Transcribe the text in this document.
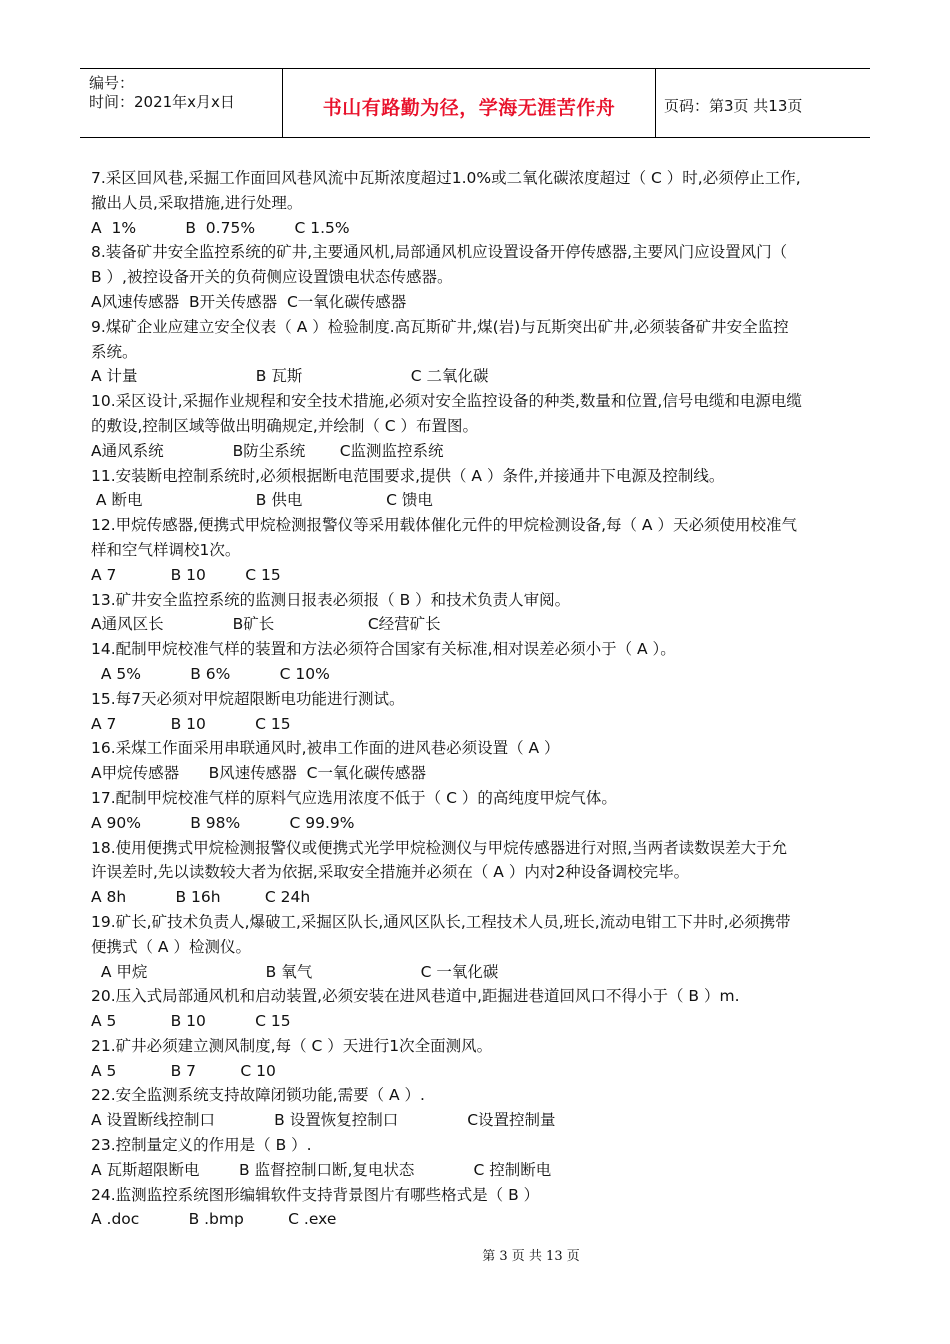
编号：
时间：2021年x月x日	书山有路勤为径，学海无涯苦作舟	页码：第3页 共13页
7.采区回风巷,采掘工作面回风巷风流中瓦斯浓度超过1.0%或二氧化碳浓度超过（ C ）时,必须停止工作,
撤出人员,采取措施,进行处理。
A  1%          B  0.75%        C 1.5%
8.装备矿井安全监控系统的矿井,主要通风机,局部通风机应设置设备开停传感器,主要风门应设置风门（
B ）,被控设备开关的负荷侧应设置馈电状态传感器。
A风速传感器  B开关传感器  C一氧化碳传感器
9.煤矿企业应建立安全仪表（ A ）检验制度.高瓦斯矿井,煤(岩)与瓦斯突出矿井,必须装备矿井安全监控
系统。
A 计量                        B 瓦斯                      C 二氧化碳
10.采区设计,采掘作业规程和安全技术措施,必须对安全监控设备的种类,数量和位置,信号电缆和电源电缆
的敷设,控制区域等做出明确规定,并绘制（ C ）布置图。
A通风系统              B防尘系统       C监测监控系统
11.安装断电控制系统时,必须根据断电范围要求,提供（ A ）条件,并接通井下电源及控制线。
A 断电                       B 供电                 C 馈电
12.甲烷传感器,便携式甲烷检测报警仪等采用载体催化元件的甲烷检测设备,每（ A ）天必须使用校准气
样和空气样调校1次。
A 7           B 10        C 15
13.矿井安全监控系统的监测日报表必须报（ B ）和技术负责人审阅。
A通风区长              B矿长                   C经营矿长
14.配制甲烷校准气样的装置和方法必须符合国家有关标准,相对误差必须小于（ A ）。
A 5%          B 6%          C 10%
15.每7天必须对甲烷超限断电功能进行测试。
A 7           B 10          C 15
16.采煤工作面采用串联通风时,被串工作面的进风巷必须设置（ A ）
A甲烷传感器      B风速传感器  C一氧化碳传感器
17.配制甲烷校准气样的原料气应选用浓度不低于（ C ）的高纯度甲烷气体。
A 90%          B 98%          C 99.9%
18.使用便携式甲烷检测报警仪或便携式光学甲烷检测仪与甲烷传感器进行对照,当两者读数误差大于允
许误差时,先以读数较大者为依据,采取安全措施并必须在（ A ）内对2种设备调校完毕。
A 8h          B 16h         C 24h
19.矿长,矿技术负责人,爆破工,采掘区队长,通风区队长,工程技术人员,班长,流动电钳工下井时,必须携带
便携式（ A ）检测仪。
A 甲烷                        B 氧气                      C 一氧化碳
20.压入式局部通风机和启动装置,必须安装在进风巷道中,距掘进巷道回风口不得小于（ B ）m.
A 5           B 10          C 15
21.矿井必须建立测风制度,每（ C ）天进行1次全面测风。
A 5           B 7         C 10
22.安全监测系统支持故障闭锁功能,需要（ A ）.
A 设置断线控制口            B 设置恢复控制口              C设置控制量
23.控制量定义的作用是（ B ）.
A 瓦斯超限断电        B 监督控制口断,复电状态            C 控制断电
24.监测监控系统图形编辑软件支持背景图片有哪些格式是（ B ）
A .doc          B .bmp         C .exe
第 3 页 共 13 页
